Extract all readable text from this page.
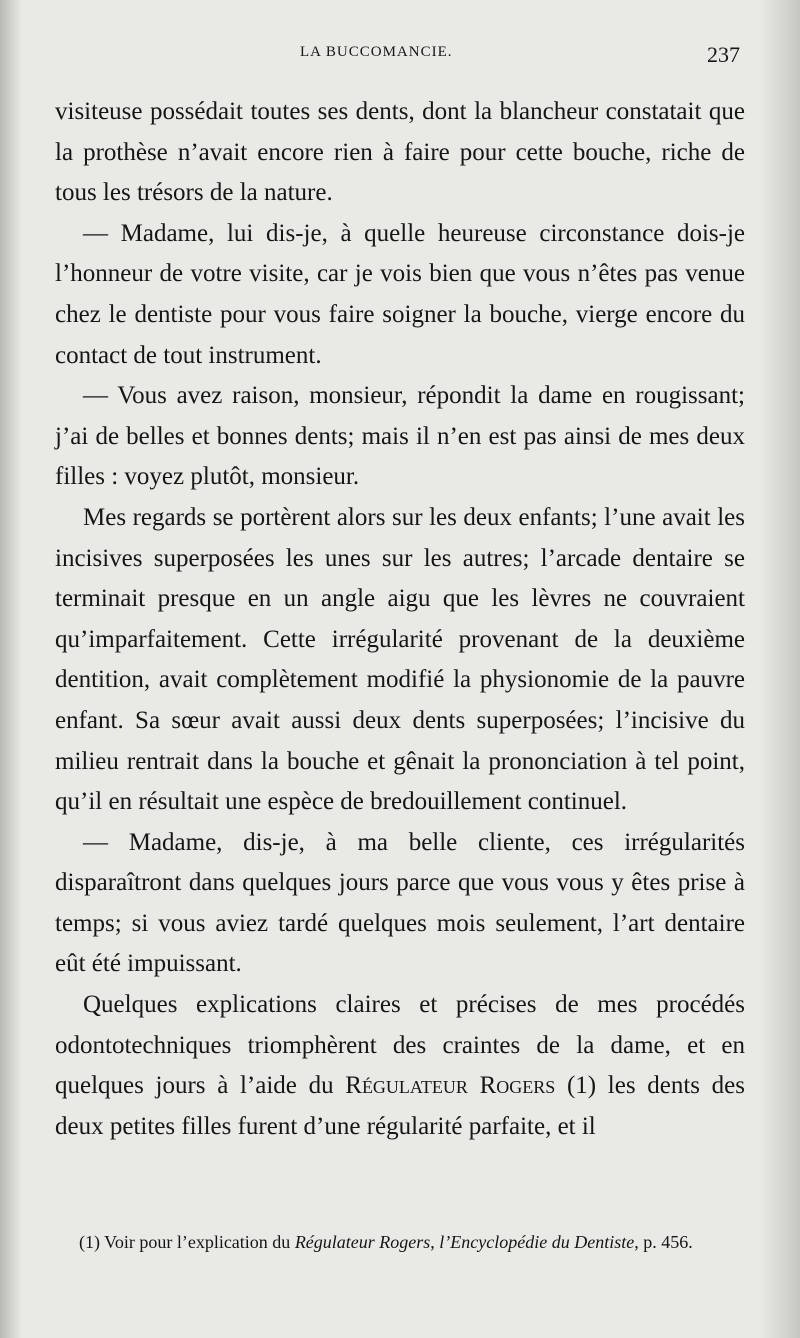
LA BUCCOMANCIE.	237

visiteuse possédait toutes ses dents, dont la blancheur constatait que la prothèse n’avait encore rien à faire pour cette bouche, riche de tous les trésors de la nature.

— Madame, lui dis-je, à quelle heureuse circonstance dois-je l’honneur de votre visite, car je vois bien que vous n’êtes pas venue chez le dentiste pour vous faire soigner la bouche, vierge encore du contact de tout instrument.

— Vous avez raison, monsieur, répondit la dame en rougissant; j’ai de belles et bonnes dents; mais il n’en est pas ainsi de mes deux filles : voyez plutôt, monsieur.

Mes regards se portèrent alors sur les deux enfants; l’une avait les incisives superposées les unes sur les autres; l’arcade dentaire se terminait presque en un angle aigu que les lèvres ne couvraient qu’imparfaitement. Cette irrégularité provenant de la deuxième dentition, avait complètement modifié la physionomie de la pauvre enfant. Sa sœur avait aussi deux dents superposées; l’incisive du milieu rentrait dans la bouche et gênait la prononciation à tel point, qu’il en résultait une espèce de bredouillement continuel.

— Madame, dis-je, à ma belle cliente, ces irrégularités disparaîtront dans quelques jours parce que vous vous y êtes prise à temps; si vous aviez tardé quelques mois seulement, l’art dentaire eût été impuissant.

Quelques explications claires et précises de mes procédés odontotechniques triomphèrent des craintes de la dame, et en quelques jours à l’aide du Régulateur Rogers (1) les dents des deux petites filles furent d’une régularité parfaite, et il

(1) Voir pour l’explication du Régulateur Rogers, l’Encyclopédie du Dentiste, p. 456.
